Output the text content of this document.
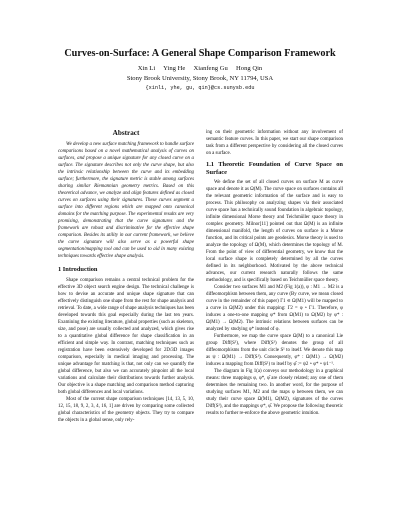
Curves-on-Surface: A General Shape Comparison Framework
Xin Li     Ying He     Xianfeng Gu     Hong Qin
Stony Brook University, Stony Brook, NY 11794, USA
{xinli, yhe, gu, qin}@cs.sunysb.edu
Abstract

We develop a new surface matching framework to handle surface comparisons based on a novel mathematical analysis of curves on surfaces, and propose a unique signature for any closed curve on a surface. The signature describes not only the curve shape, but also the intrinsic relationship between the curve and its embedding surface; furthermore, the signature metric is stable among surfaces sharing similar Riemannian geometry metrics. Based on this theoretical advance, we analyze and align features defined as closed curves on surfaces using their signatures. These curves segment a surface into different regions which are mapped onto canonical domains for the matching purpose. The experimental results are very promising, demonstrating that the curve signatures and the framework are robust and discriminative for the effective shape comparison. Besides its utility in our current framework, we believe the curve signature will also serve as a powerful shape segmentation/mapping tool and can be used to aid in many existing techniques towards effective shape analysis.

1 Introduction

Shape comparison remains a central technical problem for the effective 3D object search engine design. The technical challenge is how to devise an accurate and unique shape signature that can effectively distinguish one shape from the rest for shape analysis and retrieval. To date, a wide range of shape analysis techniques has been developed towards this goal especially during the last ten years. Examining the existing literature, global properties (such as skeleton, size, and pose) are usually collected and analyzed, which gives rise to a quantitative global difference for shape classification in an efficient and simple way. In contrast, matching techniques such as registration have been extensively developed for 2D/3D images comparison, especially in medical imaging and processing. The unique advantage for matching is that, not only can we quantify the global difference, but also we can accurately pinpoint all the local variations and calculate their distributions towards further analysis. Our objective is a shape matching and comparison method capturing both global differences and local variations.

Most of the current shape comparison techniques [14, 13, 5, 10, 12, 15, 18, 9, 2, 3, 4, 16, 1] are driven by comparing some collected global characteristics of the geometry objects. They try to compare the objects in a global sense, only rely-

ing on their geometric information without any involvement of semantic feature curves. In this paper, we start our shape comparison task from a different perspective by considering all the closed curves on a surface.

1.1 Theoretic Foundation of Curve Space on Surface

We define the set of all closed curves on surface M as curve space and denote it as Ω(M). The curve space on surfaces contains all the relevant geometric information of the surface and is easy to process. This philosophy on analyzing shapes via their associated curve space has a technically sound foundation in algebraic topology, infinite dimensional Morse theory and Teichmüller space theory in complex geometry. Milnor[11] pointed out that Ω(M) is an infinite dimensional manifold, the length of curves on surface is a Morse function, and its critical points are geodesics. Morse theory is used to analyze the topology of Ω(M), which determines the topology of M. From the point of view of differential geometry, we know that the local surface shape is completely determined by all the curves defined in its neighborhood. Motivated by the above technical advances, our current research naturally follows the same methodology, and is specifically based on Teichmüller space theory.

Consider two surfaces M1 and M2 (Fig 1(a)), φ : M1 → M2 is a diffeomorphism between them, any curve (By curve, we mean closed curve in the remainder of this paper) Γ1 ∈ Ω(M1) will be mapped to a curve in Ω(M2) under this mapping: Γ2 = φ ∘ Γ1. Therefore, φ induces a one-to-one mapping φ* from Ω(M1) to Ω(M2) by φ* : Ω(M1) → Ω(M2). The intrinsic relations between surfaces can be analyzed by studying φ* instead of φ.

Furthermore, we map the curve space Ω(M) to a canonical Lie group Diff(S¹), where Diff(S¹) denotes the group of all diffeomorphisms from the unit circle S¹ to itself. We denote this map as ψ : Ω(M1) → Diff(S¹). Consequently, φ* : Ω(M1) → Ω(M2) induces a mapping from Diff(S¹) to itself by φ̂ := ψ2 ∘ φ* ∘ ψ1⁻¹.

The diagram in Fig 1(a) conveys our methodology in a graphical means: three mappings φ, φ*, φ̂ are closely related; any one of them determines the remaining two. In another word, for the purpose of studying surfaces M1, M2 and the maps φ between them, we can study their curve space Ω(M1), Ω(M2), signatures of the curves Diff(S¹), and the mappings φ*, φ̂. We propose the following theoretic results to further re-enforce the above geometric intuition.
